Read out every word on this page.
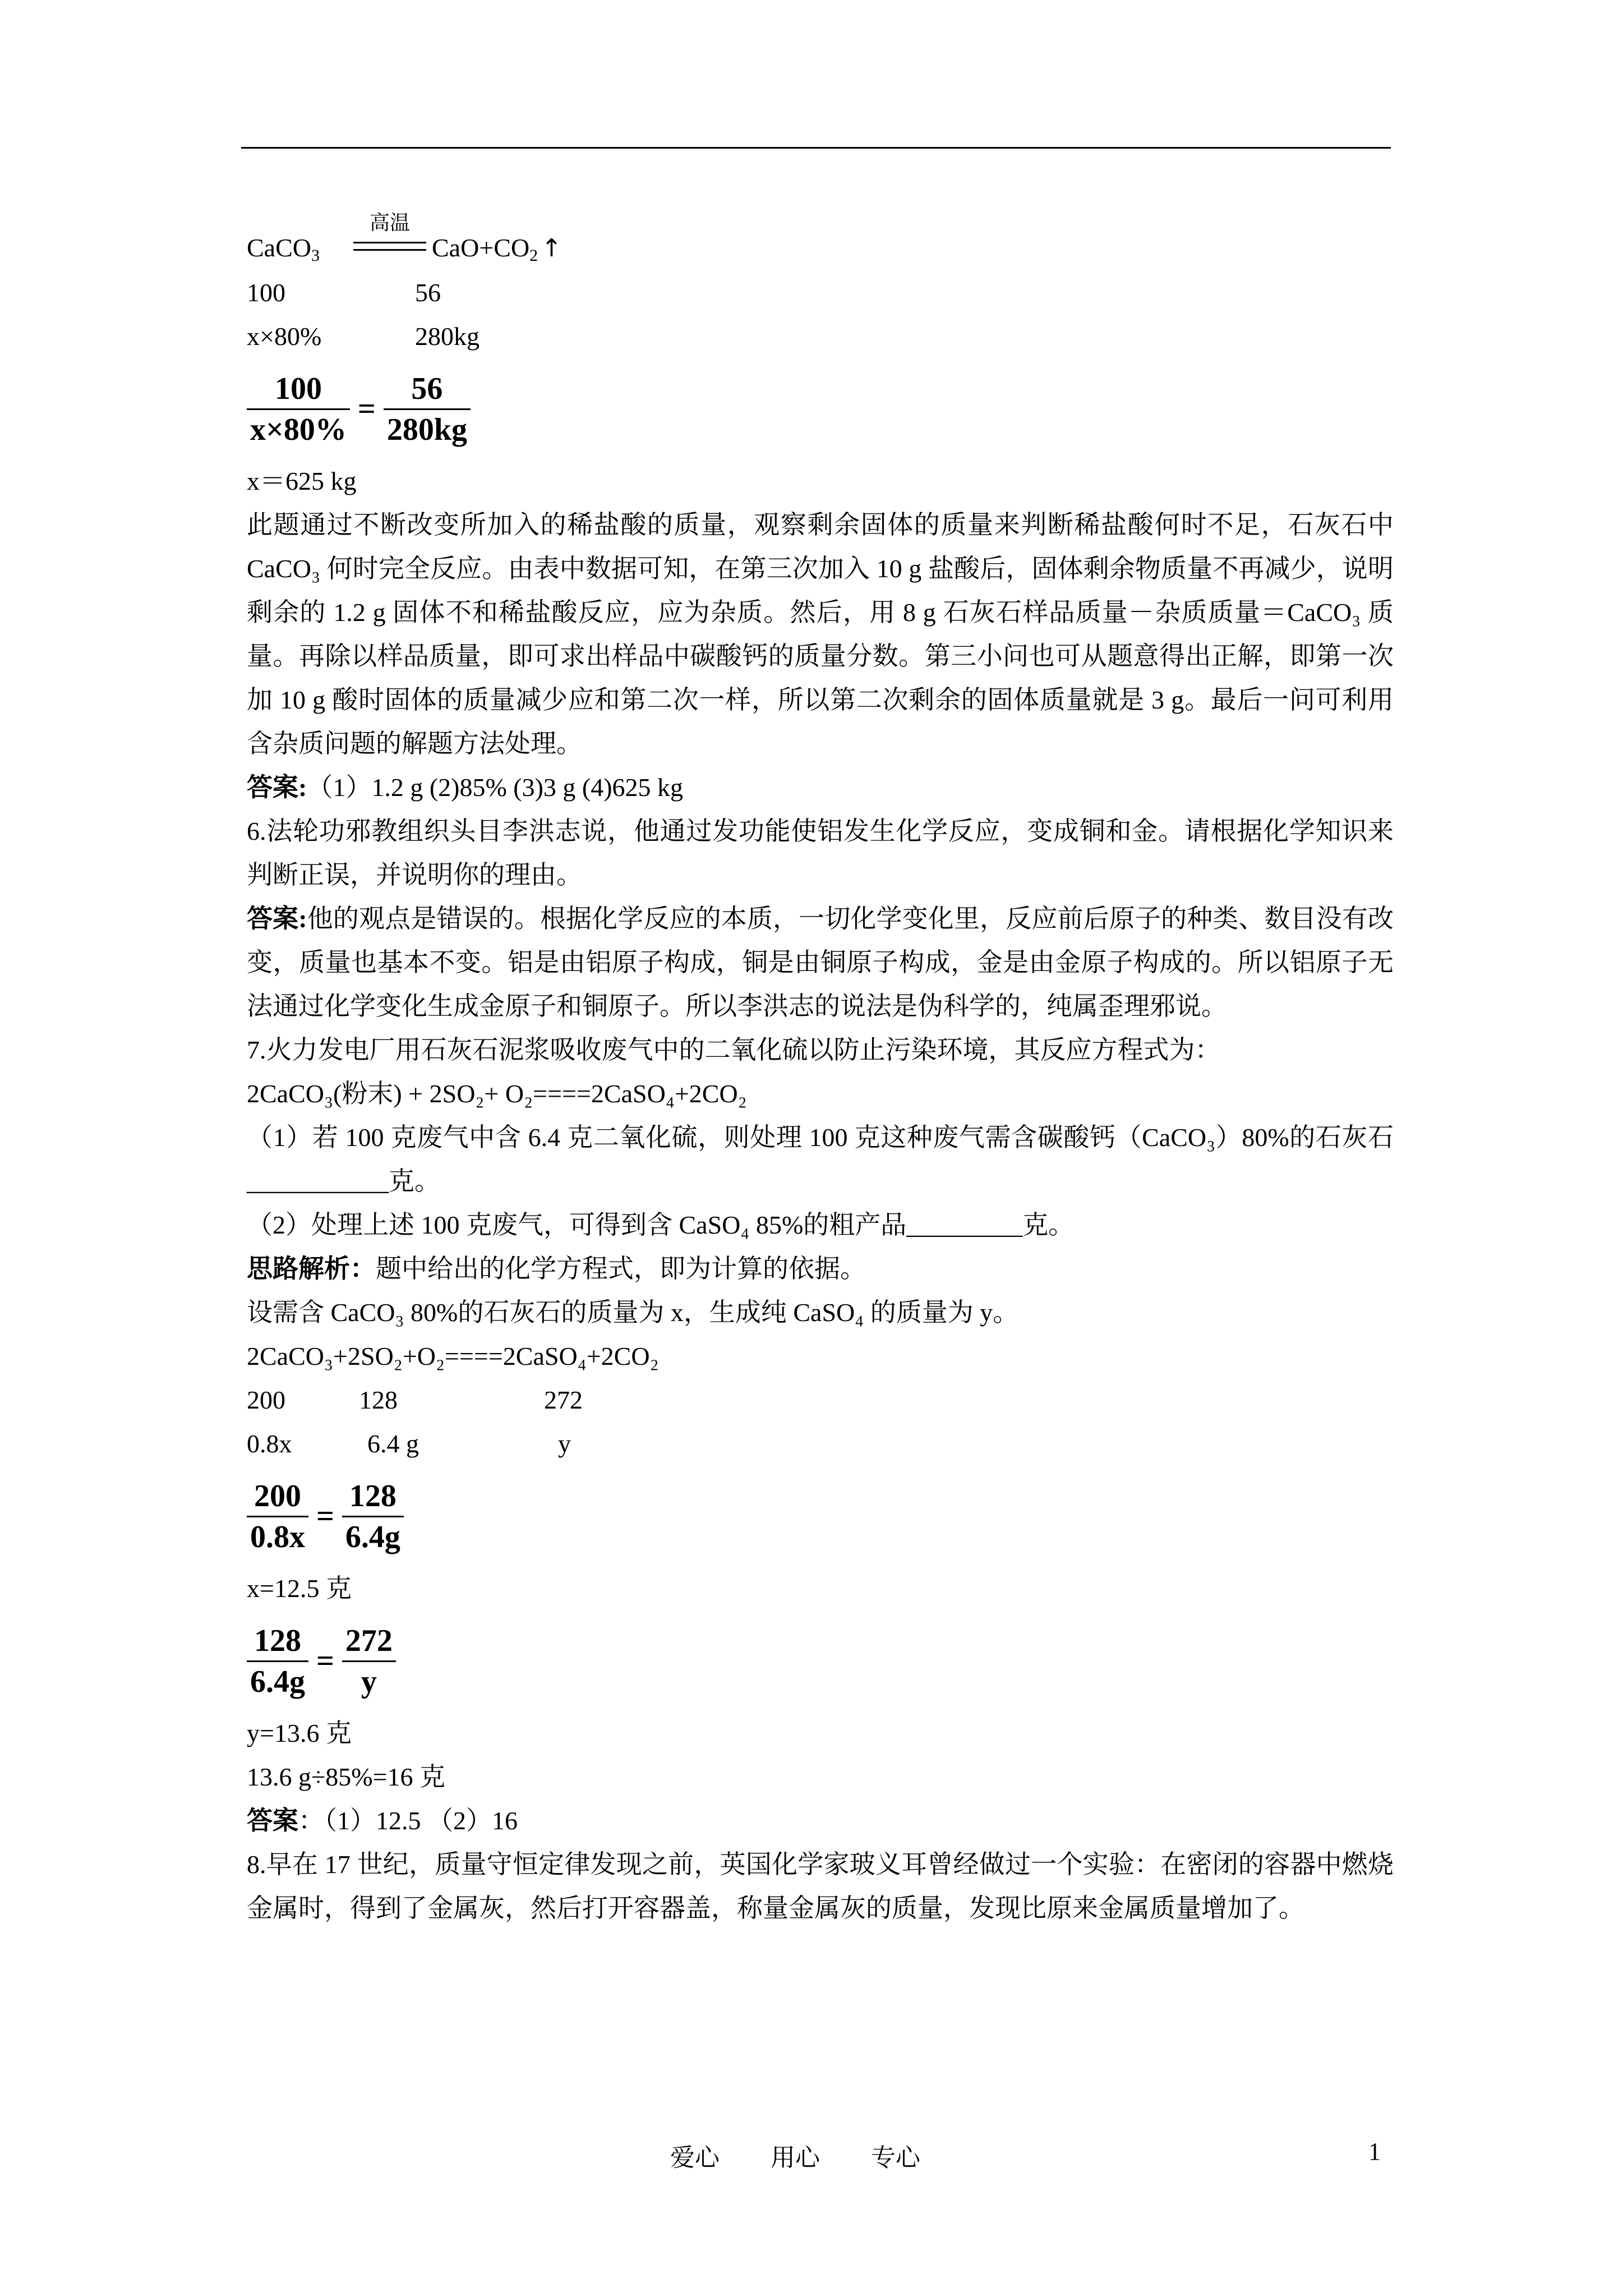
CaCO$_3$
高温
$CaO+CO_2$ ↑
100	56
x×80%	280kg
$\frac{100}{x\times 80\%} = \frac{56}{280kg}$

x＝625 kg

此题通过不断改变所加入的稀盐酸的质量，观察剩余固体的质量来判断稀盐酸何时不足，石灰石中 CaCO₃ 何时完全反应。由表中数据可知，在第三次加入 10 g 盐酸后，固体剩余物质量不再减少，说明剩余的 1.2 g 固体不和稀盐酸反应，应为杂质。然后，用 8 g 石灰石样品质量－杂质质量＝CaCO₃ 质量。再除以样品质量，即可求出样品中碳酸钙的质量分数。第三小问也可从题意得出正解，即第一次加 10 g 酸时固体的质量减少应和第二次一样，所以第二次剩余的固体质量就是 3 g。最后一问可利用含杂质问题的解题方法处理。

答案:（1）1.2 g (2)85% (3)3 g (4)625 kg

6.法轮功邪教组织头目李洪志说，他通过发功能使铝发生化学反应，变成铜和金。请根据化学知识来判断正误，并说明你的理由。

答案:他的观点是错误的。根据化学反应的本质，一切化学变化里，反应前后原子的种类、数目没有改变，质量也基本不变。铝是由铝原子构成，铜是由铜原子构成，金是由金原子构成的。所以铝原子无法通过化学变化生成金原子和铜原子。所以李洪志的说法是伪科学的，纯属歪理邪说。

7.火力发电厂用石灰石泥浆吸收废气中的二氧化硫以防止污染环境，其反应方程式为：

2CaCO₃(粉末) + 2SO₂+ O₂====2CaSO₄+2CO₂

（1）若 100 克废气中含 6.4 克二氧化硫，则处理 100 克这种废气需含碳酸钙（CaCO₃）80%的石灰石___________克。

（2）处理上述 100 克废气，可得到含 CaSO₄ 85%的粗产品_________克。

思路解析：题中给出的化学方程式，即为计算的依据。

设需含 CaCO₃ 80%的石灰石的质量为 x，生成纯 CaSO₄ 的质量为 y。

2CaCO₃+2SO₂+O₂====2CaSO₄+2CO₂

200	128	272
0.8x	6.4 g	y
$\frac{200}{0.8x} = \frac{128}{6.4g}$

x=12.5 克

$\frac{128}{6.4g} = \frac{272}{y}$

y=13.6 克

13.6 g÷85%=16 克

答案：（1）12.5 （2）16

8.早在 17 世纪，质量守恒定律发现之前，英国化学家玻义耳曾经做过一个实验：在密闭的容器中燃烧金属时，得到了金属灰，然后打开容器盖，称量金属灰的质量，发现比原来金属质量增加了。

爱心 用心 专心	1
